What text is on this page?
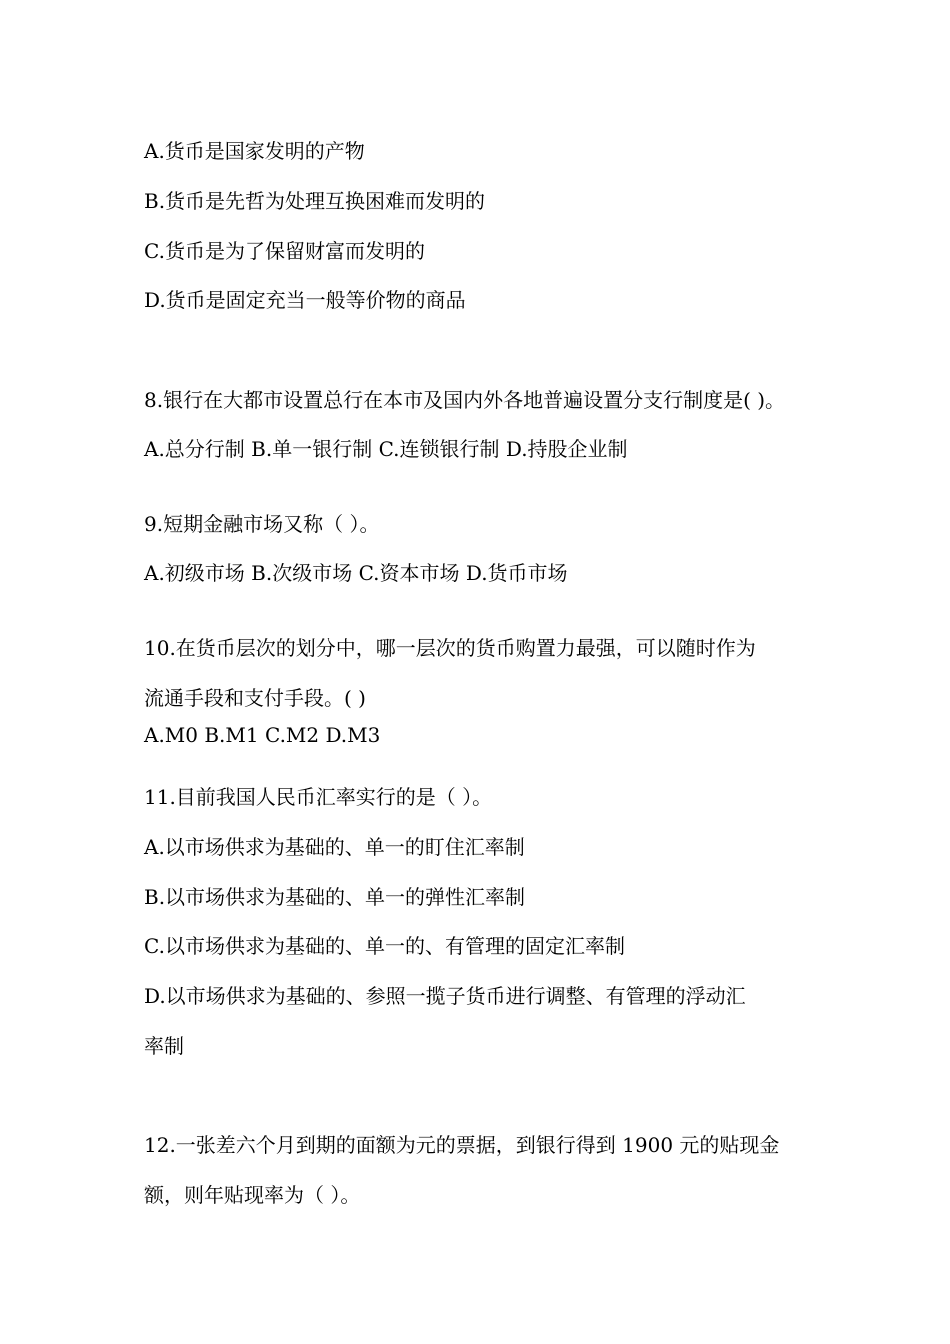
A.货币是国家发明的产物
B.货币是先哲为处理互换困难而发明的
C.货币是为了保留财富而发明的
D.货币是固定充当一般等价物的商品
8.银行在大都市设置总行在本市及国内外各地普遍设置分支行制度是( )。
A.总分行制 B.单一银行制 C.连锁银行制 D.持股企业制
9.短期金融市场又称（ ）。
A.初级市场 B.次级市场 C.资本市场 D.货币市场
10.在货币层次的划分中，哪一层次的货币购置力最强，可以随时作为
流通手段和支付手段。( )
A.M0 B.M1 C.M2 D.M3
11.目前我国人民币汇率实行的是（ ）。
A.以市场供求为基础的、单一的盯住汇率制
B.以市场供求为基础的、单一的弹性汇率制
C.以市场供求为基础的、单一的、有管理的固定汇率制
D.以市场供求为基础的、参照一揽子货币进行调整、有管理的浮动汇
率制
12.一张差六个月到期的面额为元的票据，到银行得到 1900 元的贴现金
额，则年贴现率为（ ）。
